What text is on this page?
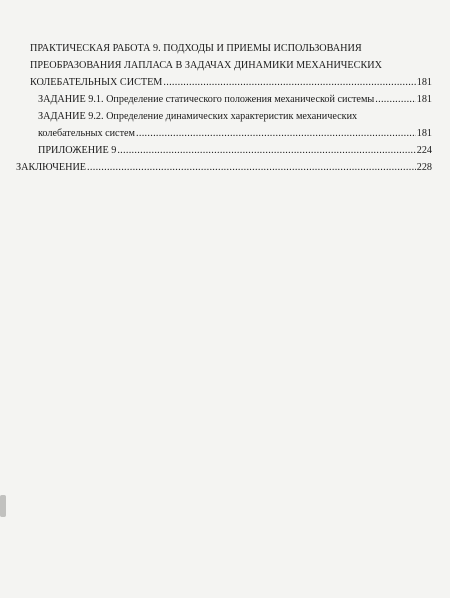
ПРАКТИЧЕСКАЯ РАБОТА 9. ПОДХОДЫ И ПРИЕМЫ ИСПОЛЬЗОВАНИЯ
ПРЕОБРАЗОВАНИЯ ЛАПЛАСА В ЗАДАЧАХ ДИНАМИКИ МЕХАНИЧЕСКИХ
КОЛЕБАТЕЛЬНЫХ СИСТЕМ .....	181
ЗАДАНИЕ 9.1. Определение статического положения механической системы .....	181
ЗАДАНИЕ 9.2. Определение динамических характеристик механических
колебательных систем .....	181
ПРИЛОЖЕНИЕ 9 .....	224
ЗАКЛЮЧЕНИЕ .....	228
